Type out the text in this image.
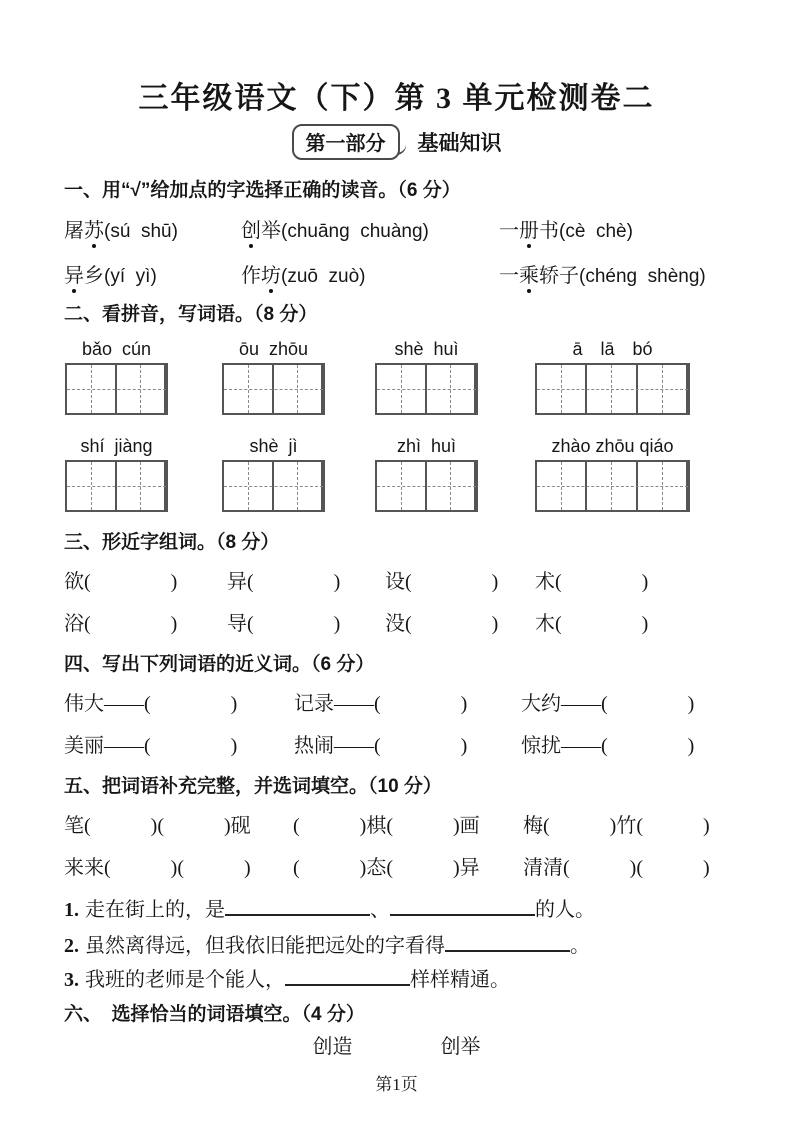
三年级语文（下）第 3 单元检测卷二
第一部分	基础知识
一、用“√”给加点的字选择正确的读音。（6 分）
屠苏(sú  shū)	创举(chuāng  chuàng)	一册书(cè  chè)
异乡(yí  yì)	作坊(zuō  zuò)	一乘轿子(chéng  shèng)
二、看拼音，写词语。（8 分）
bǎo  cún	ōu  zhōu	shè  huì	ā　lā　bó
shí  jiàng	shè  jì	zhì  huì	zhào zhōu qiáo
三、形近字组词。（8 分）
欲(　　　　)	异(　　　　)	设(　　　　)	术(　　　　)
浴(　　　　)	导(　　　　)	没(　　　　)	木(　　　　)
四、写出下列词语的近义词。（6 分）
伟大——(　　　　)	记录——(　　　　)	大约——(　　　　)
美丽——(　　　　)	热闹——(　　　　)	惊扰——(　　　　)
五、把词语补充完整，并选词填空。（10 分）
笔(　　　)(　　　)砚	(　　　)棋(　　　)画	梅(　　　)竹(　　　)
来来(　　　)(　　　)	(　　　)态(　　　)异	清清(　　　)(　　　)
1. 走在街上的，是	、	的人。
2. 虽然离得远，但我依旧能把远处的字看得	。
3. 我班的老师是个能人，	样样精通。
六、　选择恰当的词语填空。（4 分）
创造	创举
第1页
